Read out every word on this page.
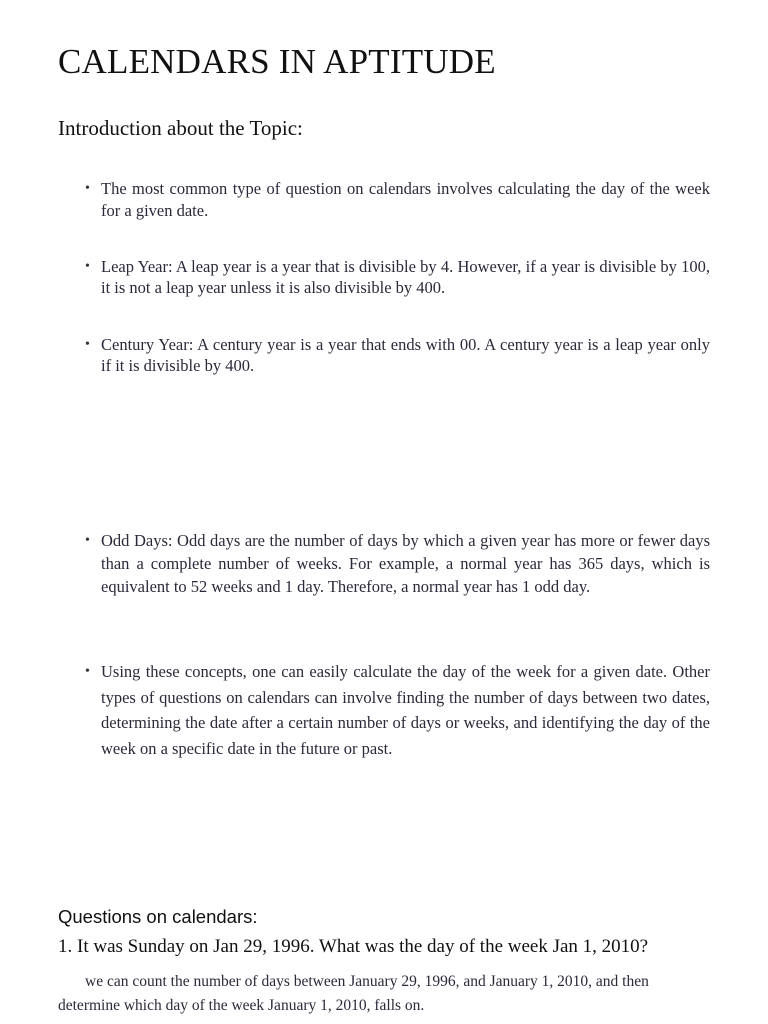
CALENDARS IN APTITUDE
Introduction about the Topic:
• The most common type of question on calendars involves calculating the day of the week for a given date.
• Leap Year: A leap year is a year that is divisible by 4. However, if a year is divisible by 100, it is not a leap year unless it is also divisible by 400.
• Century Year: A century year is a year that ends with 00. A century year is a leap year only if it is divisible by 400.
• Odd Days: Odd days are the number of days by which a given year has more or fewer days than a complete number of weeks. For example, a normal year has 365 days, which is equivalent to 52 weeks and 1 day. Therefore, a normal year has 1 odd day.
• Using these concepts, one can easily calculate the day of the week for a given date. Other types of questions on calendars can involve finding the number of days between two dates, determining the date after a certain number of days or weeks, and identifying the day of the week on a specific date in the future or past.
Questions on calendars:
1. It was Sunday on Jan 29, 1996. What was the day of the week Jan 1, 2010?
we can count the number of days between January 29, 1996, and January 1, 2010, and then determine which day of the week January 1, 2010, falls on.
